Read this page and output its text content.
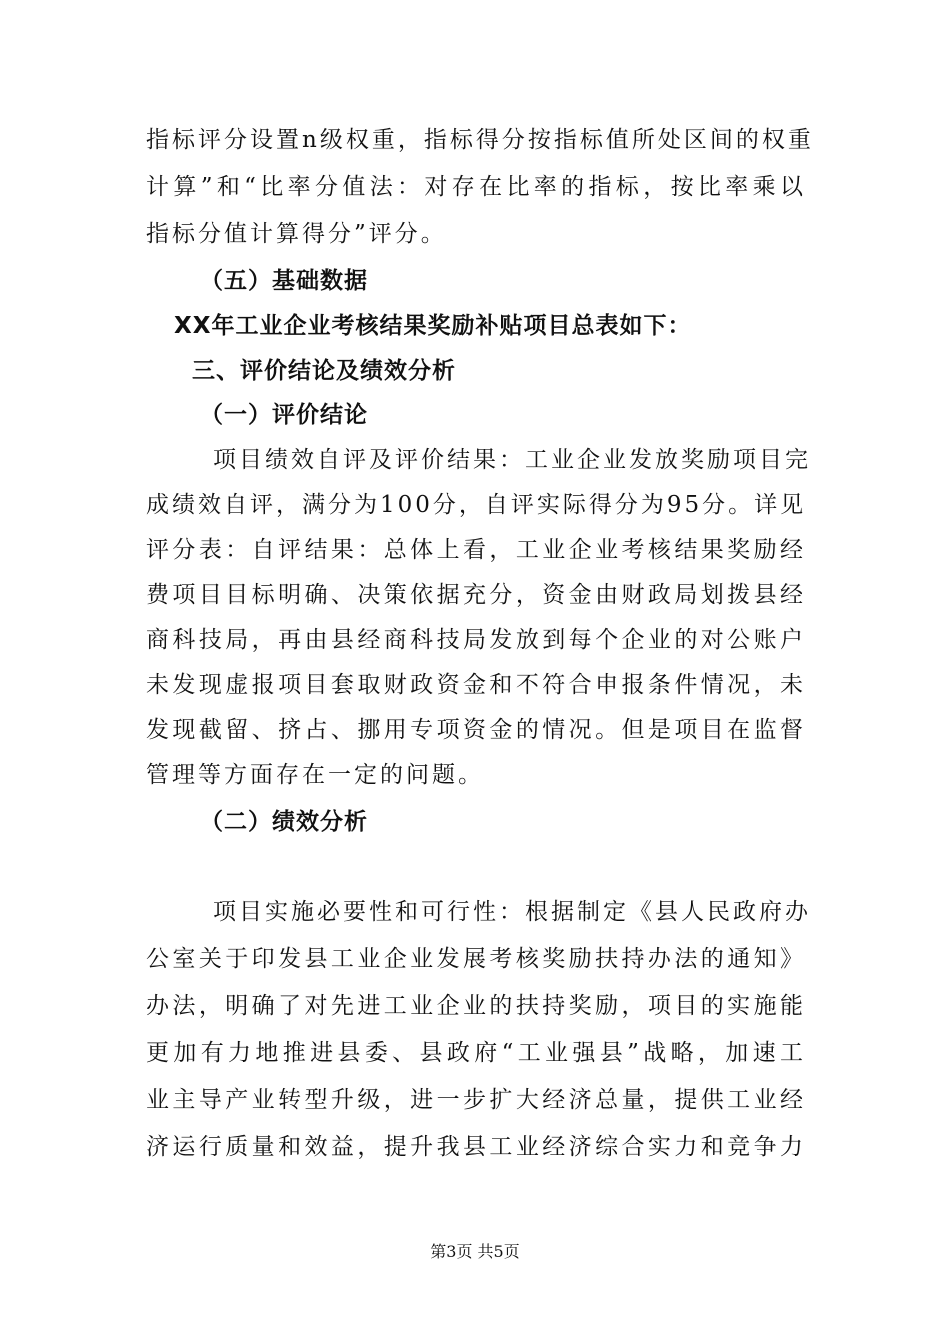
指标评分设置n级权重，指标得分按指标值所处区间的权重
计算”和“比率分值法：对存在比率的指标，按比率乘以
指标分值计算得分”评分。
（五）基础数据
XX年工业企业考核结果奖励补贴项目总表如下：
三、评价结论及绩效分析
（一）评价结论
项目绩效自评及评价结果：工业企业发放奖励项目完
成绩效自评，满分为100分，自评实际得分为95分。详见
评分表：自评结果：总体上看，工业企业考核结果奖励经
费项目目标明确、决策依据充分，资金由财政局划拨县经
商科技局，再由县经商科技局发放到每个企业的对公账户
未发现虚报项目套取财政资金和不符合申报条件情况，未
发现截留、挤占、挪用专项资金的情况。但是项目在监督
管理等方面存在一定的问题。
（二）绩效分析
项目实施必要性和可行性：根据制定《县人民政府办
公室关于印发县工业企业发展考核奖励扶持办法的通知》
办法，明确了对先进工业企业的扶持奖励，项目的实施能
更加有力地推进县委、县政府“工业强县”战略，加速工
业主导产业转型升级，进一步扩大经济总量，提供工业经
济运行质量和效益，提升我县工业经济综合实力和竞争力
第3页 共5页
